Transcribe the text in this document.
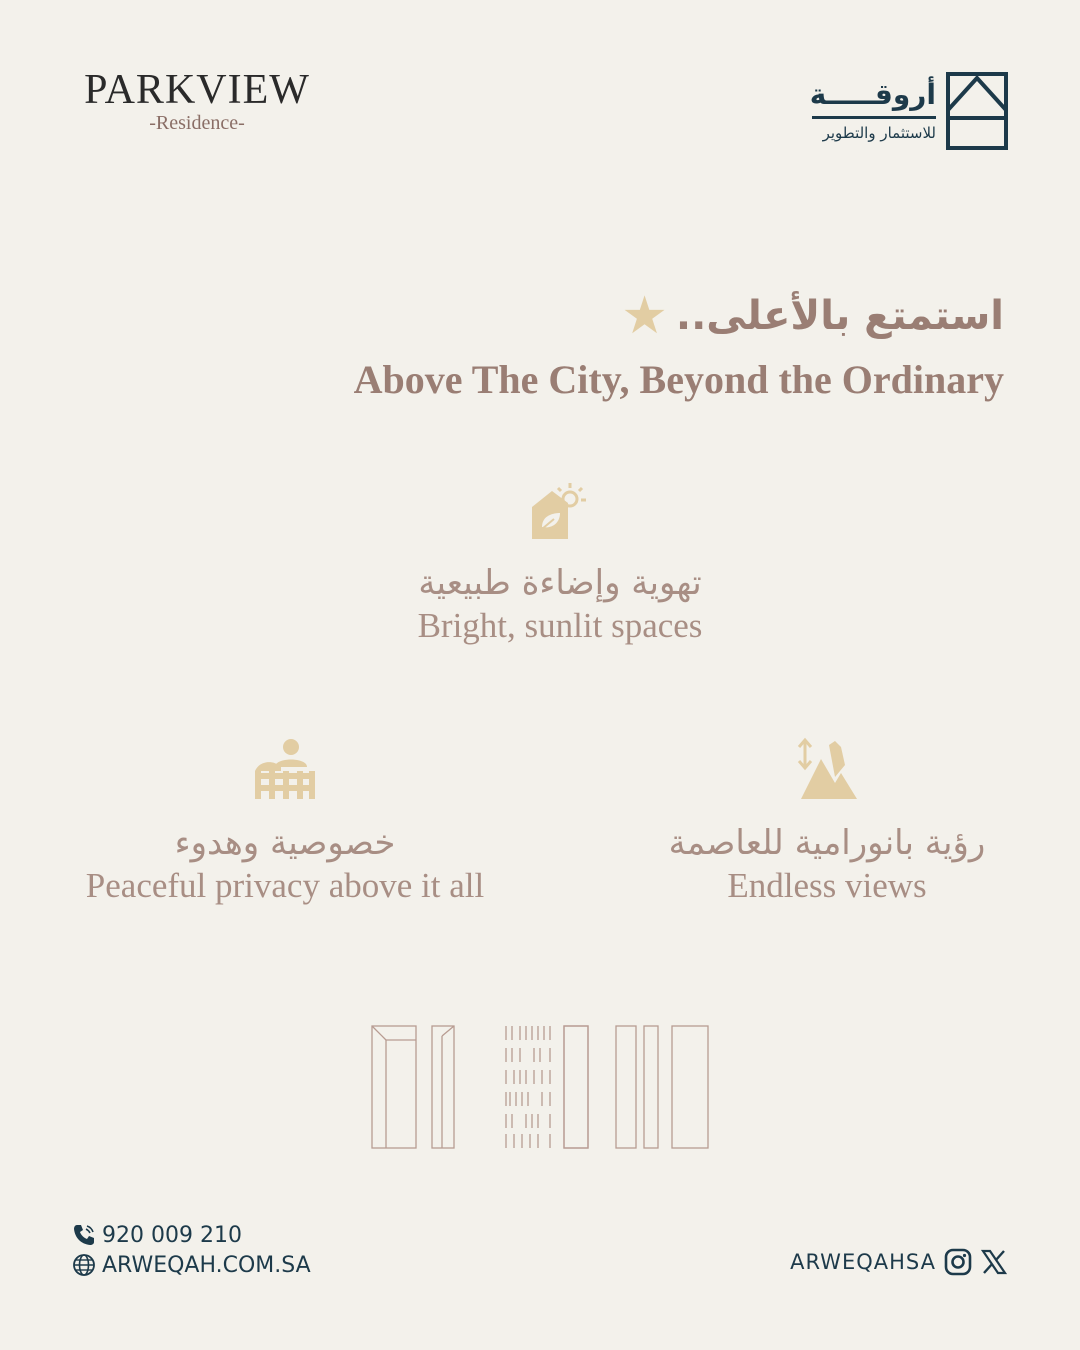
PARKVIEW
-Residence-
أروقـــــة
للاستثمار والتطوير
استمتع بالأعلى..
★
Above The City, Beyond the Ordinary
تهوية وإضاءة طبيعية
Bright, sunlit spaces
خصوصية وهدوء
Peaceful privacy above it all
رؤية بانورامية للعاصمة
Endless views
920 009 210
ARWEQAH.COM.SA	ARWEQAHSA
